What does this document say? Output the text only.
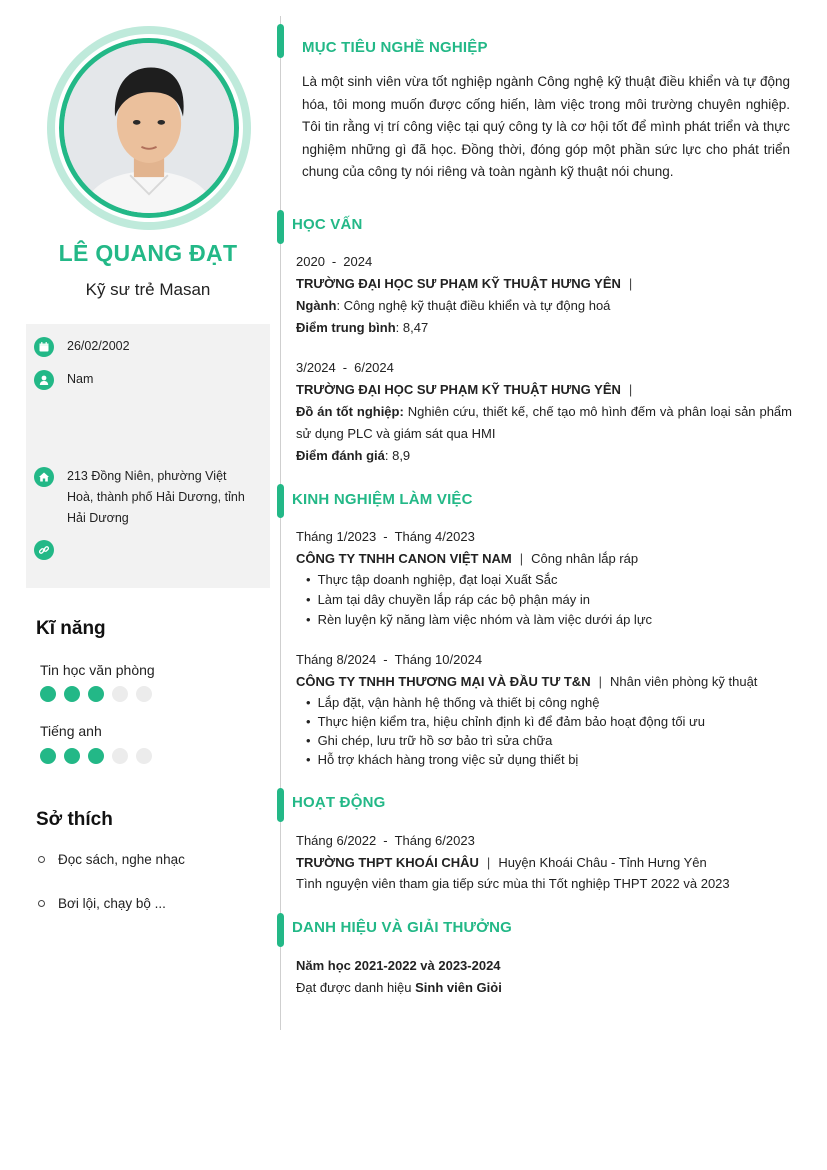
LÊ QUANG ĐẠT
Kỹ sư trẻ Masan
26/02/2002
Nam
213 Đồng Niên, phường Việt Hoà, thành phố Hải Dương, tỉnh Hải Dương
Kĩ năng
Tin học văn phòng
Tiếng anh
Sở thích
Đọc sách, nghe nhạc
Bơi lội, chạy bộ ...
MỤC TIÊU NGHỀ NGHIỆP
Là một sinh viên vừa tốt nghiệp ngành Công nghệ kỹ thuật điều khiển và tự động hóa, tôi mong muốn được cống hiến, làm việc trong môi trường chuyên nghiệp. Tôi tin rằng vị trí công việc tại quý công ty là cơ hội tốt để mình phát triển và thực nghiệm những gì đã học. Đồng thời, đóng góp một phần sức lực cho phát triển chung của công ty nói riêng và toàn ngành kỹ thuật nói chung.
HỌC VẤN
2020 - 2024
TRƯỜNG ĐẠI HỌC SƯ PHẠM KỸ THUẬT HƯNG YÊN |
Ngành: Công nghệ kỹ thuật điều khiển và tự động hoá
Điểm trung bình: 8,47
3/2024 - 6/2024
TRƯỜNG ĐẠI HỌC SƯ PHẠM KỸ THUẬT HƯNG YÊN |
Đồ án tốt nghiệp: Nghiên cứu, thiết kế, chế tạo mô hình đếm và phân loại sản phẩm sử dụng PLC và giám sát qua HMI
Điểm đánh giá: 8,9
KINH NGHIỆM LÀM VIỆC
Tháng 1/2023 - Tháng 4/2023
CÔNG TY TNHH CANON VIỆT NAM | Công nhân lắp ráp
• Thực tập doanh nghiệp, đạt loại Xuất Sắc
• Làm tại dây chuyền lắp ráp các bộ phận máy in
• Rèn luyện kỹ năng làm việc nhóm và làm việc dưới áp lực
Tháng 8/2024 - Tháng 10/2024
CÔNG TY TNHH THƯƠNG MẠI VÀ ĐẦU TƯ T&N | Nhân viên phòng kỹ thuật
• Lắp đặt, vận hành hệ thống và thiết bị công nghệ
• Thực hiện kiểm tra, hiệu chỉnh định kì để đảm bảo hoạt động tối ưu
• Ghi chép, lưu trữ hồ sơ bảo trì sửa chữa
• Hỗ trợ khách hàng trong việc sử dụng thiết bị
HOẠT ĐỘNG
Tháng 6/2022 - Tháng 6/2023
TRƯỜNG THPT KHOÁI CHÂU | Huyện Khoái Châu - Tỉnh Hưng Yên
Tình nguyện viên tham gia tiếp sức mùa thi Tốt nghiệp THPT 2022 và 2023
DANH HIỆU VÀ GIẢI THƯỞNG
Năm học 2021-2022 và 2023-2024
Đạt được danh hiệu Sinh viên Giỏi
